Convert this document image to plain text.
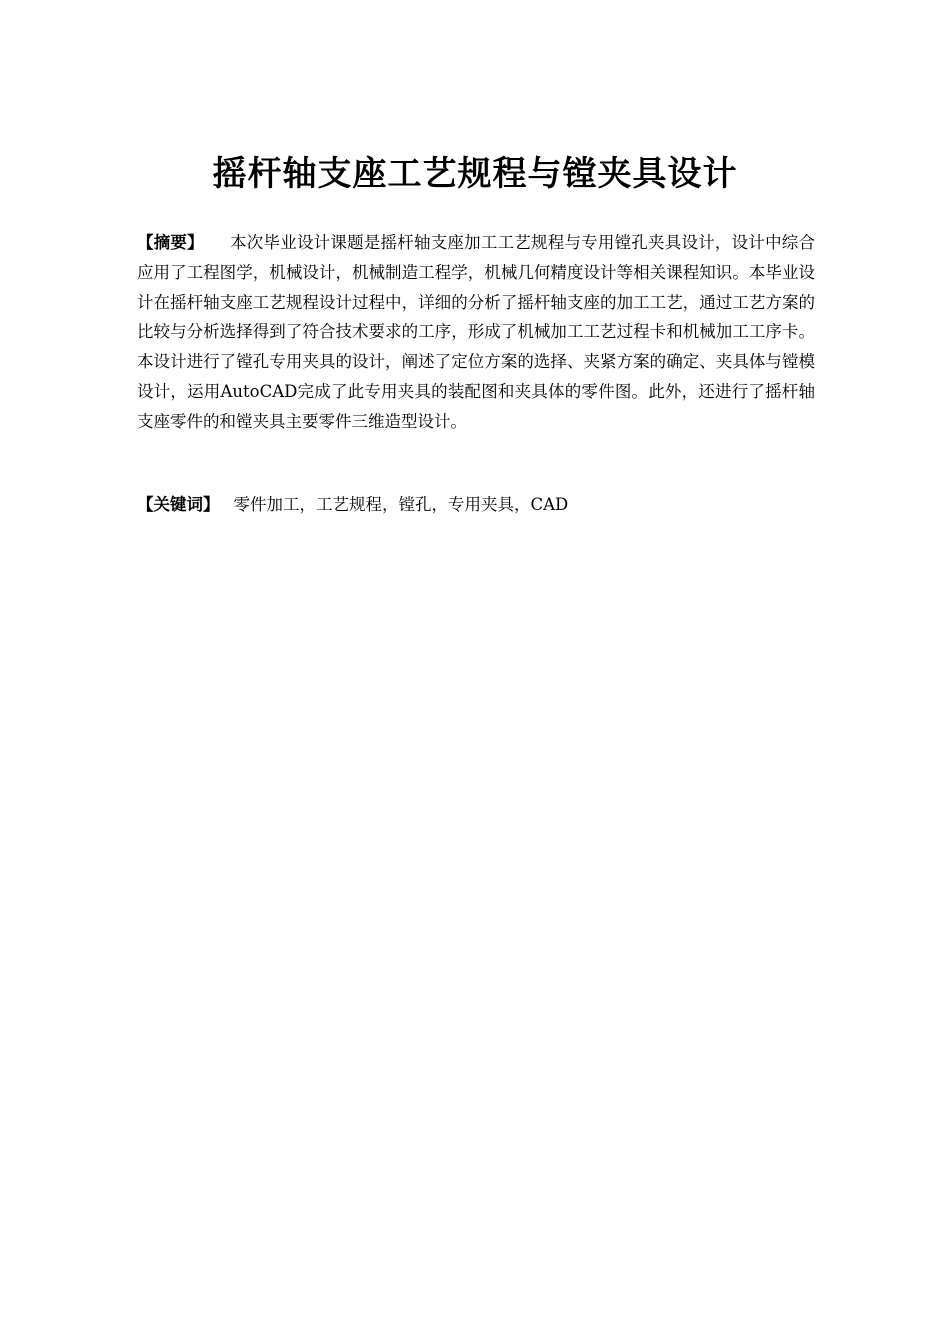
摇杆轴支座工艺规程与镗夹具设计

【摘要】 本次毕业设计课题是摇杆轴支座加工工艺规程与专用镗孔夹具设计，设计中综合应用了工程图学，机械设计，机械制造工程学，机械几何精度设计等相关课程知识。本毕业设计在摇杆轴支座工艺规程设计过程中，详细的分析了摇杆轴支座的加工工艺，通过工艺方案的比较与分析选择得到了符合技术要求的工序，形成了机械加工工艺过程卡和机械加工工序卡。本设计进行了镗孔专用夹具的设计，阐述了定位方案的选择、夹紧方案的确定、夹具体与镗模设计，运用AutoCAD完成了此专用夹具的装配图和夹具体的零件图。此外，还进行了摇杆轴支座零件的和镗夹具主要零件三维造型设计。

【关键词】 零件加工，工艺规程，镗孔，专用夹具，CAD
